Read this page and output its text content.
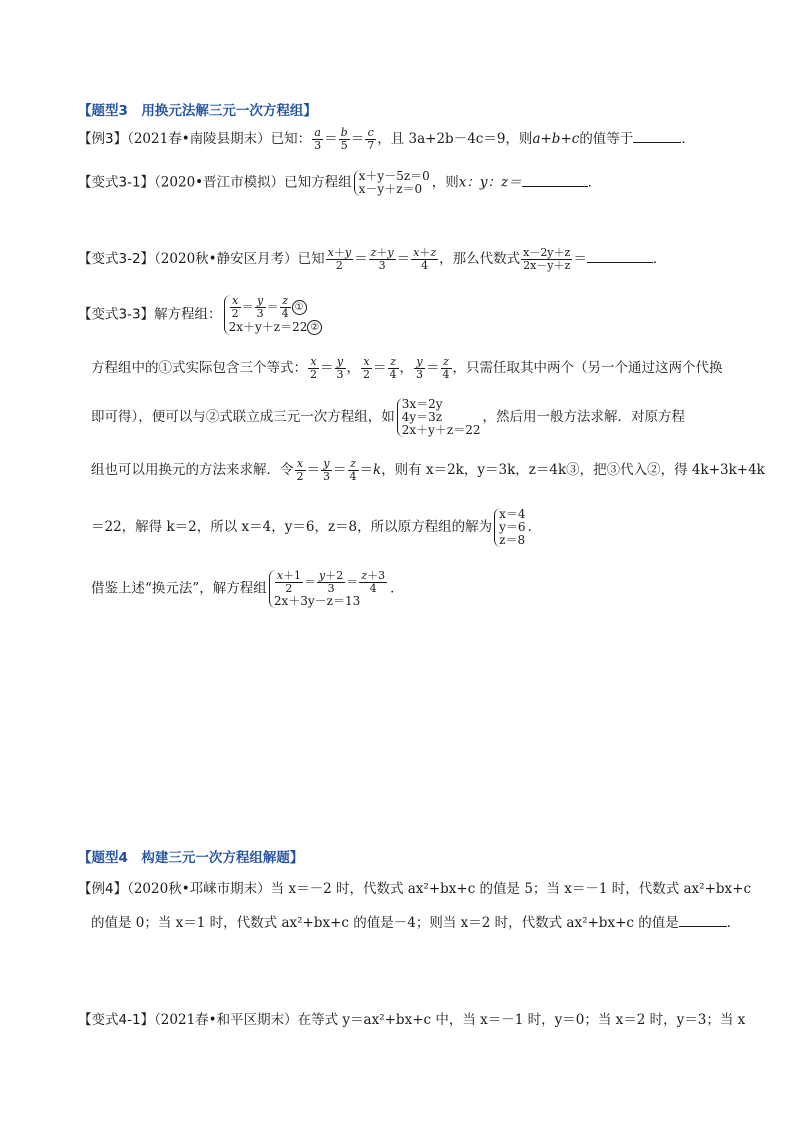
【题型3　用换元法解三元一次方程组】
【例3】（2021春•南陵县期末）已知： $\frac{a}{3} = \frac{b}{5} = \frac{c}{7}$ ，且 3a+2b－4c＝9，则a+b+c的值等于	．
【变式3-1】（2020•晋江市模拟）已知方程组 x＋y－5z＝0
x－y＋z＝0 ，则x：y：z＝	．
【变式3-2】（2020秋•静安区月考）已知 $\frac{x+y}{2} = \frac{z+y}{3} = \frac{x+z}{4}$ ，那么代数式 $\frac{x-2y+z}{2x-y+z}$ ＝	．
【变式3-3】解方程组： $\frac{x}{2} = \frac{y}{3} = \frac{z}{4}$ ①
2x＋y＋z＝22 ②
方程组中的①式实际包含三个等式： $\frac{x}{2} = \frac{y}{3}$ ， $\frac{x}{2} = \frac{z}{4}$ ， $\frac{y}{3} = \frac{z}{4}$ ，只需任取其中两个（另一个通过这两个代换
即可得），便可以与②式联立成三元一次方程组，如
3x＝2y
4y＝3z
2x＋y＋z＝22
，然后用一般方法求解．对原方程
组也可以用换元的方法来求解．令 $\frac{x}{2} = \frac{y}{3} = \frac{z}{4} =k$，则有 x＝2k，y＝3k，z＝4k③，把③代入②，得 4k+3k+4k
＝22，解得 k＝2，所以 x＝4，y＝6，z＝8，所以原方程组的解为
x＝4
y＝6
z＝8
．
借鉴上述“换元法”，解方程组 $\frac{x+1}{2} = \frac{y+2}{3} = \frac{z+3}{4}$
2x＋3y－z＝13
．
【题型4　构建三元一次方程组解题】
【例4】（2020秋•邛崃市期末）当 x＝－2 时，代数式 ax²+bx+c 的值是 5；当 x＝－1 时，代数式 ax²+bx+c
的值是 0；当 x＝1 时，代数式 ax²+bx+c 的值是－4；则当 x＝2 时，代数式 ax²+bx+c 的值是	．
【变式4-1】（2021春•和平区期末）在等式 y＝ax²+bx+c 中，当 x＝－1 时，y＝0；当 x＝2 时，y＝3；当 x
